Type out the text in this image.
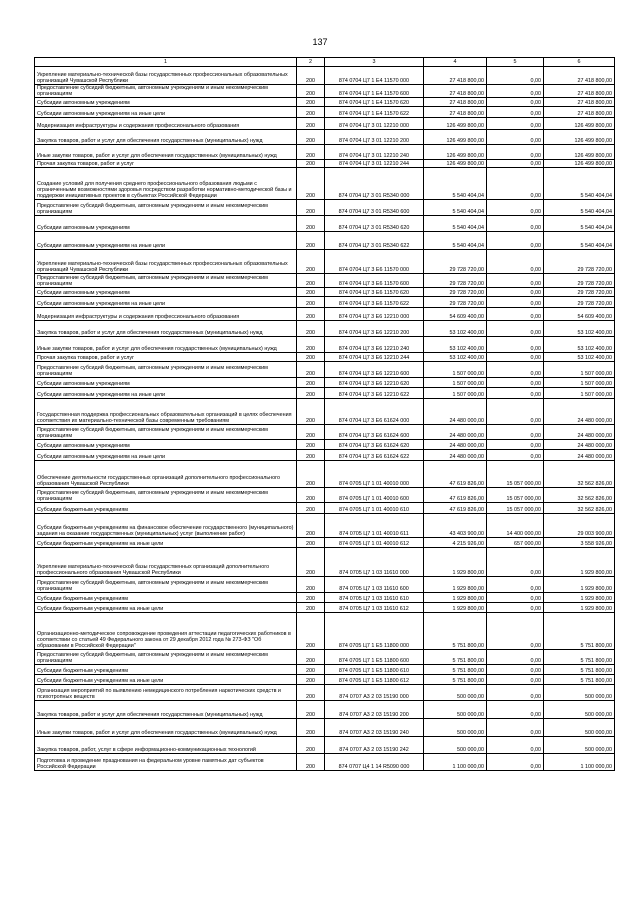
137
1	2	3	4	5	6
Укрепление материально-технической базы государственных профессиональных образовательных организаций Чувашской Республики	200	874 0704 Ц7 1 Е4 11570 000	27 418 800,00	0,00	27 418 800,00
Предоставление субсидий бюджетным, автономным учреждениям и иным некоммерческим организациям	200	874 0704 Ц7 1 Е4 11570 600	27 418 800,00	0,00	27 418 800,00
Субсидии автономным учреждениям	200	874 0704 Ц7 1 Е4 11570 620	27 418 800,00	0,00	27 418 800,00
Субсидии автономным учреждениям на иные цели	200	874 0704 Ц7 1 Е4 11570 622	27 418 800,00	0,00	27 418 800,00
Модернизация инфраструктуры и содержания профессионального образования	200	874 0704 Ц7 3 01 12210 000	126 499 800,00	0,00	126 499 800,00
Закупка товаров, работ и услуг для обеспечения государственных (муниципальных) нужд	200	874 0704 Ц7 3 01 12210 200	126 499 800,00	0,00	126 499 800,00
Иные закупки товаров, работ и услуг для обеспечения государственных (муниципальных) нужд	200	874 0704 Ц7 3 01 12210 240	126 499 800,00	0,00	126 499 800,00
Прочая закупка товаров, работ и услуг	200	874 0704 Ц7 3 01 12210 244	126 499 800,00	0,00	126 499 800,00
Создание условий для получения среднего профессионального образования людьми с ограниченными возможностями здоровья посредством разработки нормативно-методической базы и поддержки инициативных проектов в субъектах Российской Федерации	200	874 0704 Ц7 3 01 R5340 000	5 540 404,04	0,00	5 540 404,04
Предоставление субсидий бюджетным, автономным учреждениям и иным некоммерческим организациям	200	874 0704 Ц7 3 01 R5340 600	5 540 404,04	0,00	5 540 404,04
Субсидии автономным учреждениям	200	874 0704 Ц7 3 01 R5340 620	5 540 404,04	0,00	5 540 404,04
Субсидии автономным учреждениям на иные цели	200	874 0704 Ц7 3 01 R5340 622	5 540 404,04	0,00	5 540 404,04
Укрепление материально-технической базы государственных профессиональных образовательных организаций Чувашской Республики	200	874 0704 Ц7 3 Е6 11570 000	29 728 720,00	0,00	29 728 720,00
Предоставление субсидий бюджетным, автономным учреждениям и иным некоммерческим организациям	200	874 0704 Ц7 3 Е6 11570 600	29 728 720,00	0,00	29 728 720,00
Субсидии автономным учреждениям	200	874 0704 Ц7 3 Е6 11570 620	29 728 720,00	0,00	29 728 720,00
Субсидии автономным учреждениям на иные цели	200	874 0704 Ц7 3 Е6 11570 622	29 728 720,00	0,00	29 728 720,00
Модернизация инфраструктуры и содержания профессионального образования	200	874 0704 Ц7 3 Е6 12210 000	54 609 400,00	0,00	54 609 400,00
Закупка товаров, работ и услуг для обеспечения государственных (муниципальных) нужд	200	874 0704 Ц7 3 Е6 12210 200	53 102 400,00	0,00	53 102 400,00
Иные закупки товаров, работ и услуг для обеспечения государственных (муниципальных) нужд	200	874 0704 Ц7 3 Е6 12210 240	53 102 400,00	0,00	53 102 400,00
Прочая закупка товаров, работ и услуг	200	874 0704 Ц7 3 Е6 12210 244	53 102 400,00	0,00	53 102 400,00
Предоставление субсидий бюджетным, автономным учреждениям и иным некоммерческим организациям	200	874 0704 Ц7 3 Е6 12210 600	1 507 000,00	0,00	1 507 000,00
Субсидии автономным учреждениям	200	874 0704 Ц7 3 Е6 12210 620	1 507 000,00	0,00	1 507 000,00
Субсидии автономным учреждениям на иные цели	200	874 0704 Ц7 3 Е6 12210 622	1 507 000,00	0,00	1 507 000,00
Государственная поддержка профессиональных образовательных организаций в целях обеспечения соответствия их материально-технической базы современным требованиям	200	874 0704 Ц7 3 Е6 61624 000	24 480 000,00	0,00	24 480 000,00
Предоставление субсидий бюджетным, автономным учреждениям и иным некоммерческим организациям	200	874 0704 Ц7 3 Е6 61624 600	24 480 000,00	0,00	24 480 000,00
Субсидии автономным учреждениям	200	874 0704 Ц7 3 Е6 61624 620	24 480 000,00	0,00	24 480 000,00
Субсидии автономным учреждениям на иные цели	200	874 0704 Ц7 3 Е6 61624 622	24 480 000,00	0,00	24 480 000,00
Обеспечение деятельности государственных организаций дополнительного профессионального образования Чувашской Республики	200	874 0705 Ц7 1 01 40010 000	47 619 826,00	15 057 000,00	32 562 826,00
Предоставление субсидий бюджетным, автономным учреждениям и иным некоммерческим организациям	200	874 0705 Ц7 1 01 40010 600	47 619 826,00	15 057 000,00	32 562 826,00
Субсидии бюджетным учреждениям	200	874 0705 Ц7 1 01 40010 610	47 619 826,00	15 057 000,00	32 562 826,00
Субсидии бюджетным учреждениям на финансовое обеспечение государственного (муниципального) задания на оказание государственных (муниципальных) услуг (выполнение работ)	200	874 0705 Ц7 1 01 40010 611	43 403 900,00	14 400 000,00	29 003 900,00
Субсидии бюджетным учреждениям на иные цели	200	874 0705 Ц7 1 01 40010 612	4 215 926,00	657 000,00	3 558 926,00
Укрепление материально-технической базы государственных организаций дополнительного профессионального образования Чувашской Республики	200	874 0705 Ц7 1 03 11610 000	1 929 800,00	0,00	1 929 800,00
Предоставление субсидий бюджетным, автономным учреждениям и иным некоммерческим организациям	200	874 0705 Ц7 1 03 11610 600	1 929 800,00	0,00	1 929 800,00
Субсидии бюджетным учреждениям	200	874 0705 Ц7 1 03 11610 610	1 929 800,00	0,00	1 929 800,00
Субсидии бюджетным учреждениям на иные цели	200	874 0705 Ц7 1 03 11610 612	1 929 800,00	0,00	1 929 800,00
Организационно-методическое сопровождение проведения аттестации педагогических работников в соответствии со статьей 49 Федерального закона от 29 декабря 2012 года № 273-ФЗ "Об образовании в Российской Федерации"	200	874 0705 Ц7 1 Е5 11800 000	5 751 800,00	0,00	5 751 800,00
Предоставление субсидий бюджетным, автономным учреждениям и иным некоммерческим организациям	200	874 0705 Ц7 1 Е5 11800 600	5 751 800,00	0,00	5 751 800,00
Субсидии бюджетным учреждениям	200	874 0705 Ц7 1 Е5 11800 610	5 751 800,00	0,00	5 751 800,00
Субсидии бюджетным учреждениям на иные цели	200	874 0705 Ц7 1 Е5 11800 612	5 751 800,00	0,00	5 751 800,00
Организация мероприятий по выявлению немедицинского потребления наркотических средств и психотропных веществ	200	874 0707 А3 2 03 15190 000	500 000,00	0,00	500 000,00
Закупка товаров, работ и услуг для обеспечения государственных (муниципальных) нужд	200	874 0707 А3 2 03 15190 200	500 000,00	0,00	500 000,00
Иные закупки товаров, работ и услуг для обеспечения государственных (муниципальных) нужд	200	874 0707 А3 2 03 15190 240	500 000,00	0,00	500 000,00
Закупка товаров, работ, услуг в сфере информационно-коммуникационных технологий	200	874 0707 А3 2 03 15190 242	500 000,00	0,00	500 000,00
Подготовка и проведение празднования на федеральном уровне памятных дат субъектов Российской Федерации	200	874 0707 Ц4 1 14 R5090 000	1 100 000,00	0,00	1 100 000,00
